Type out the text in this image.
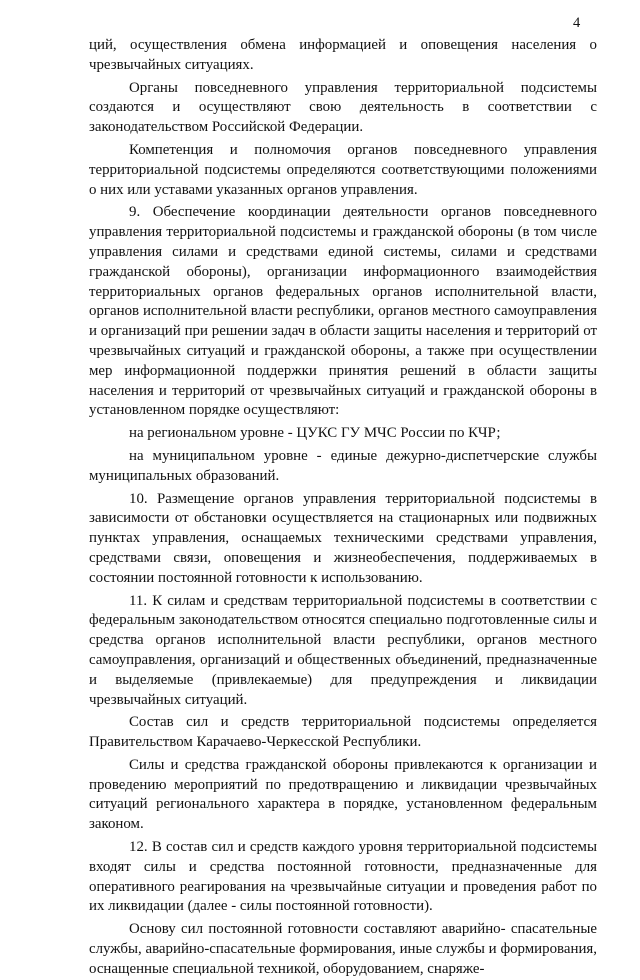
4

ций, осуществления обмена информацией и оповещения населения о чрезвычайных ситуациях.

Органы повседневного управления территориальной подсистемы создаются и осуществляют свою деятельность в соответствии с законодательством Российской Федерации.

Компетенция и полномочия органов повседневного управления территориальной подсистемы определяются соответствующими положениями о них или уставами указанных органов управления.

9. Обеспечение координации деятельности органов повседневного управления территориальной подсистемы и гражданской обороны (в том числе управления силами и средствами единой системы, силами и средствами гражданской обороны), организации информационного взаимодействия территориальных органов федеральных органов исполнительной власти, органов исполнительной власти республики, органов местного самоуправления и организаций при решении задач в области защиты населения и территорий от чрезвычайных ситуаций и гражданской обороны, а также при осуществлении мер информационной поддержки принятия решений в области защиты населения и территорий от чрезвычайных ситуаций и гражданской обороны в установленном порядке осуществляют:

на региональном уровне - ЦУКС ГУ МЧС России по КЧР;

на муниципальном уровне - единые дежурно-диспетчерские службы муниципальных образований.

10. Размещение органов управления территориальной подсистемы в зависимости от обстановки осуществляется на стационарных или подвижных пунктах управления, оснащаемых техническими средствами управления, средствами связи, оповещения и жизнеобеспечения, поддерживаемых в состоянии постоянной готовности к использованию.

11. К силам и средствам территориальной подсистемы в соответствии с федеральным законодательством относятся специально подготовленные силы и средства органов исполнительной власти республики, органов местного самоуправления, организаций и общественных объединений, предназначенные и выделяемые (привлекаемые) для предупреждения и ликвидации чрезвычайных ситуаций.

Состав сил и средств территориальной подсистемы определяется Правительством Карачаево-Черкесской Республики.

Силы и средства гражданской обороны привлекаются к организации и проведению мероприятий по предотвращению и ликвидации чрезвычайных ситуаций регионального характера в порядке, установленном федеральным законом.

12. В состав сил и средств каждого уровня территориальной подсистемы входят силы и средства постоянной готовности, предназначенные для оперативного реагирования на чрезвычайные ситуации и проведения работ по их ликвидации (далее - силы постоянной готовности).

Основу сил постоянной готовности составляют аварийно- спасательные службы, аварийно-спасательные формирования, иные службы и формирования, оснащенные специальной техникой, оборудованием, снаряже-
